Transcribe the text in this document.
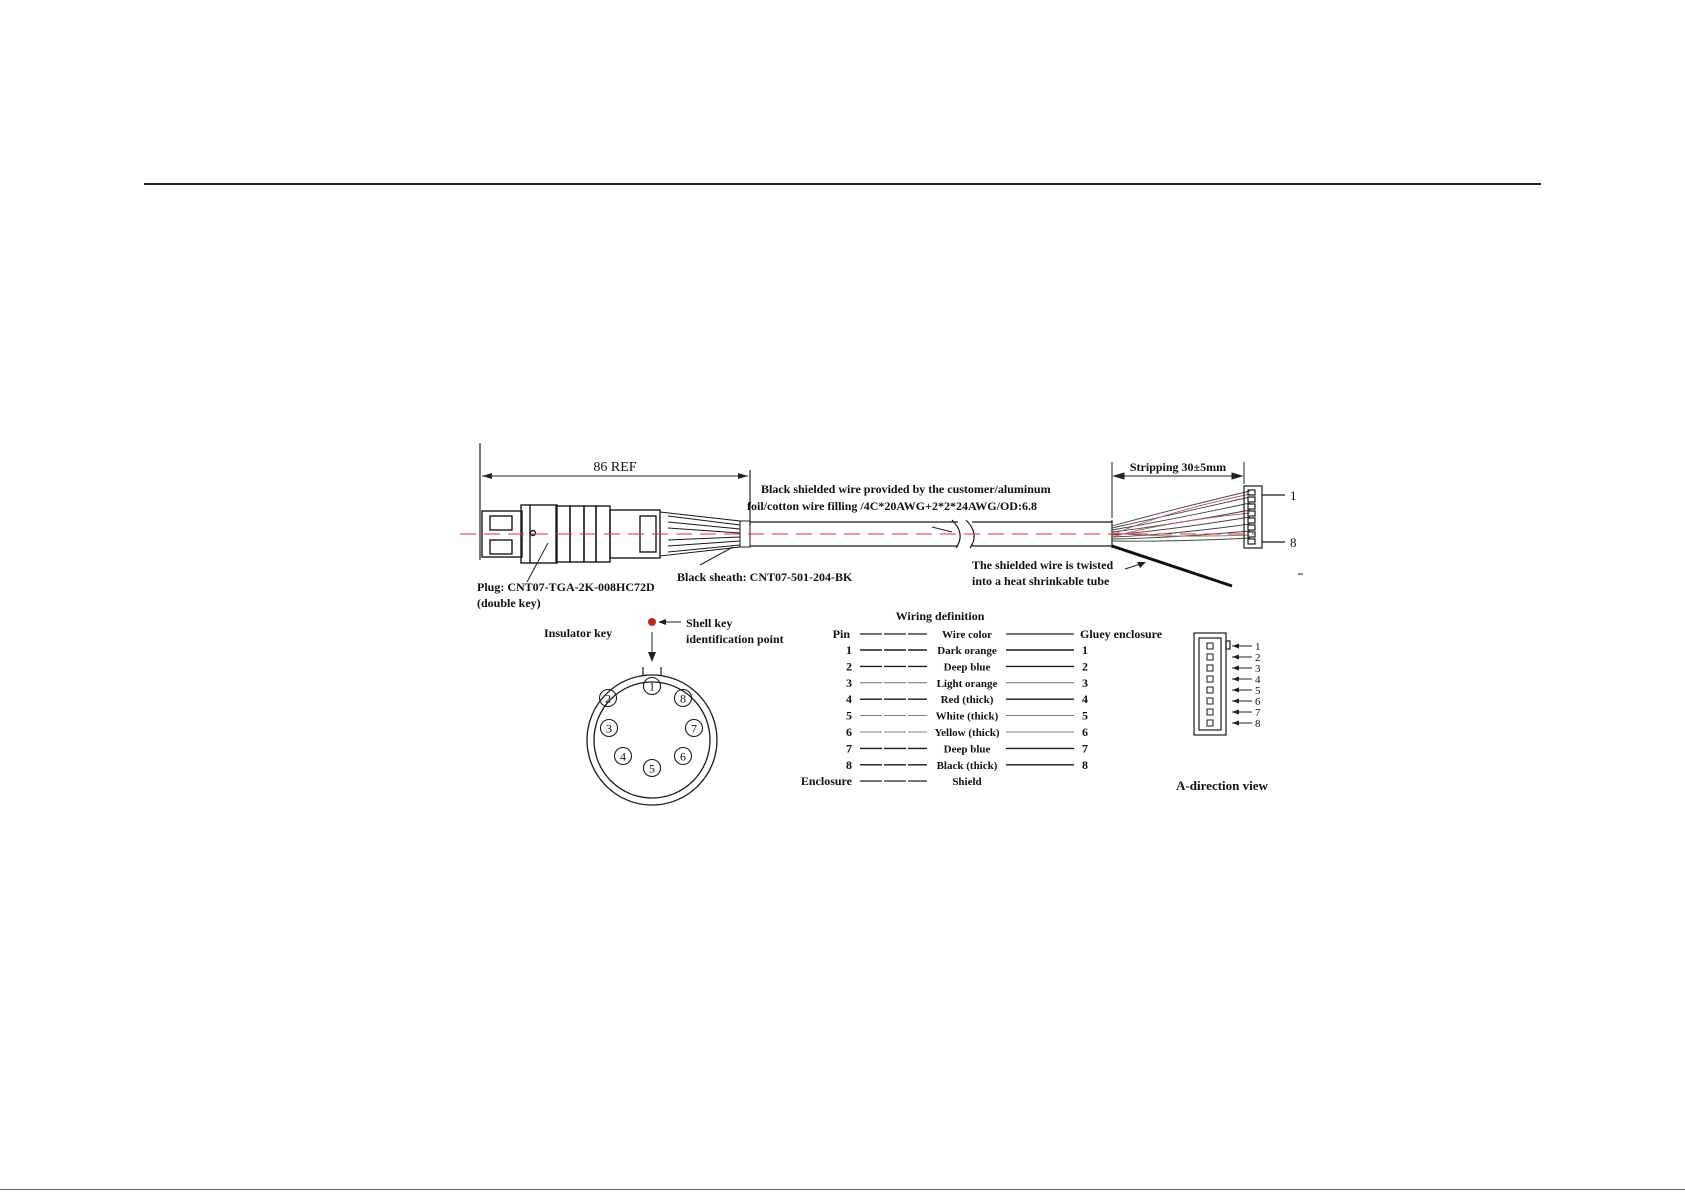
86 REF
1
8
Stripping 30±5mm
Black shielded wire provided by the customer/aluminum
foil/cotton wire filling /4C*20AWG+2*2*24AWG/OD:6.8
Plug: CNT07-TGA-2K-008HC72D
(double key)
Black sheath: CNT07-501-204-BK
The shielded wire is twisted
into a heat shrinkable tube
1
2
3
4
5
6
7
8
Insulator key
Shell key
identification point
Wiring definition
Pin	Wire color	Gluey enclosure
1	Dark orange	1
2	Deep blue	2
3	Light orange	3
4	Red (thick)	4
5	White (thick)	5
6	Yellow (thick)	6
7	Deep blue	7
8	Black (thick)	8
Enclosure	Shield
1
2
3
4
5
6
7
8
A-direction view
